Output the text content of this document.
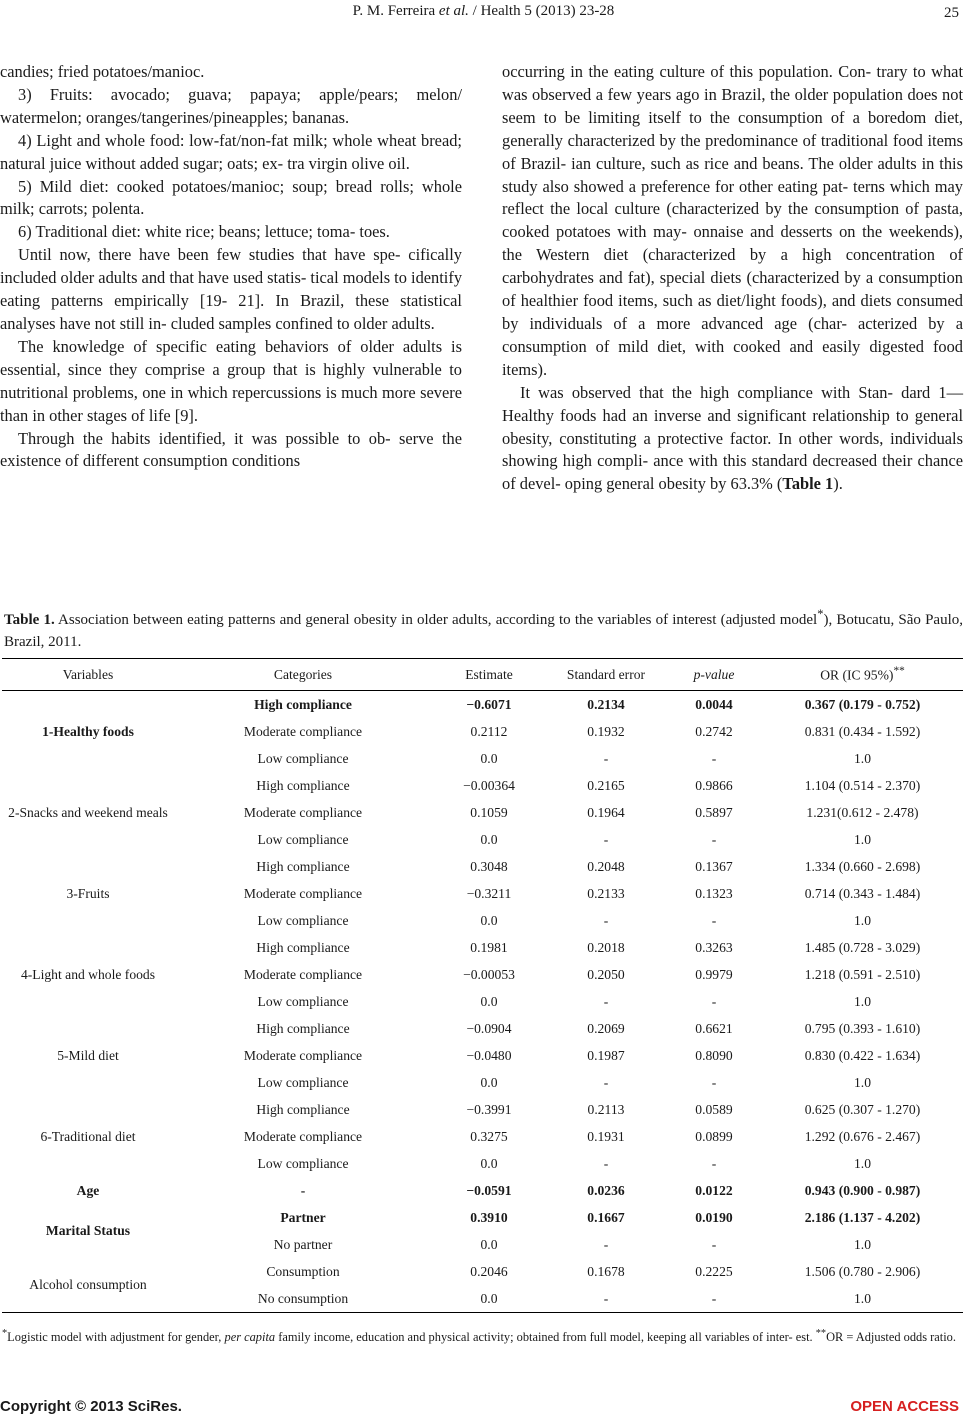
P. M. Ferreira et al. / Health 5 (2013) 23-28	25

candies; fried potatoes/manioc.

3) Fruits: avocado; guava; papaya; apple/pears; melon/ watermelon; oranges/tangerines/pineapples; bananas.

4) Light and whole food: low-fat/non-fat milk; whole wheat bread; natural juice without added sugar; oats; ex- tra virgin olive oil.

5) Mild diet: cooked potatoes/manioc; soup; bread rolls; whole milk; carrots; polenta.

6) Traditional diet: white rice; beans; lettuce; toma- toes.

Until now, there have been few studies that have spe- cifically included older adults and that have used statis- tical models to identify eating patterns empirically [19- 21]. In Brazil, these statistical analyses have not still in- cluded samples confined to older adults.

The knowledge of specific eating behaviors of older adults is essential, since they comprise a group that is highly vulnerable to nutritional problems, one in which repercussions is much more severe than in other stages of life [9].

Through the habits identified, it was possible to ob- serve the existence of different consumption conditions

occurring in the eating culture of this population. Con- trary to what was observed a few years ago in Brazil, the older population does not seem to be limiting itself to the consumption of a boredom diet, generally characterized by the predominance of traditional food items of Brazil- ian culture, such as rice and beans. The older adults in this study also showed a preference for other eating pat- terns which may reflect the local culture (characterized by the consumption of pasta, cooked potatoes with may- onnaise and desserts on the weekends), the Western diet (characterized by a high concentration of carbohydrates and fat), special diets (characterized by a consumption of healthier food items, such as diet/light foods), and diets consumed by individuals of a more advanced age (char- acterized by a consumption of mild diet, with cooked and easily digested food items).

It was observed that the high compliance with Stan- dard 1—Healthy foods had an inverse and significant relationship to general obesity, constituting a protective factor. In other words, individuals showing high compli- ance with this standard decreased their chance of devel- oping general obesity by 63.3% (Table 1).

Table 1. Association between eating patterns and general obesity in older adults, according to the variables of interest (adjusted model*), Botucatu, São Paulo, Brazil, 2011.
Variables	Categories	Estimate	Standard error	p-value	OR (IC 95%)**
1-Healthy foods	High compliance	−0.6071	0.2134	0.0044	0.367 (0.179 - 0.752)
	Moderate compliance	0.2112	0.1932	0.2742	0.831 (0.434 - 1.592)
	Low compliance	0.0	-	-	1.0
2-Snacks and weekend meals	High compliance	−0.00364	0.2165	0.9866	1.104 (0.514 - 2.370)
	Moderate compliance	0.1059	0.1964	0.5897	1.231(0.612 - 2.478)
	Low compliance	0.0	-	-	1.0
3-Fruits	High compliance	0.3048	0.2048	0.1367	1.334 (0.660 - 2.698)
	Moderate compliance	−0.3211	0.2133	0.1323	0.714 (0.343 - 1.484)
	Low compliance	0.0	-	-	1.0
4-Light and whole foods	High compliance	0.1981	0.2018	0.3263	1.485 (0.728 - 3.029)
	Moderate compliance	−0.00053	0.2050	0.9979	1.218 (0.591 - 2.510)
	Low compliance	0.0	-	-	1.0
5-Mild diet	High compliance	−0.0904	0.2069	0.6621	0.795 (0.393 - 1.610)
	Moderate compliance	−0.0480	0.1987	0.8090	0.830 (0.422 - 1.634)
	Low compliance	0.0	-	-	1.0
6-Traditional diet	High compliance	−0.3991	0.2113	0.0589	0.625 (0.307 - 1.270)
	Moderate compliance	0.3275	0.1931	0.0899	1.292 (0.676 - 2.467)
	Low compliance	0.0	-	-	1.0
Age	-	−0.0591	0.0236	0.0122	0.943 (0.900 - 0.987)
Marital Status	Partner	0.3910	0.1667	0.0190	2.186 (1.137 - 4.202)
	No partner	0.0	-	-	1.0
Alcohol consumption	Consumption	0.2046	0.1678	0.2225	1.506 (0.780 - 2.906)
	No consumption	0.0	-	-	1.0
*Logistic model with adjustment for gender, per capita family income, education and physical activity; obtained from full model, keeping all variables of inter- est. **OR = Adjusted odds ratio.
Copyright © 2013 SciRes.	OPEN ACCESS
